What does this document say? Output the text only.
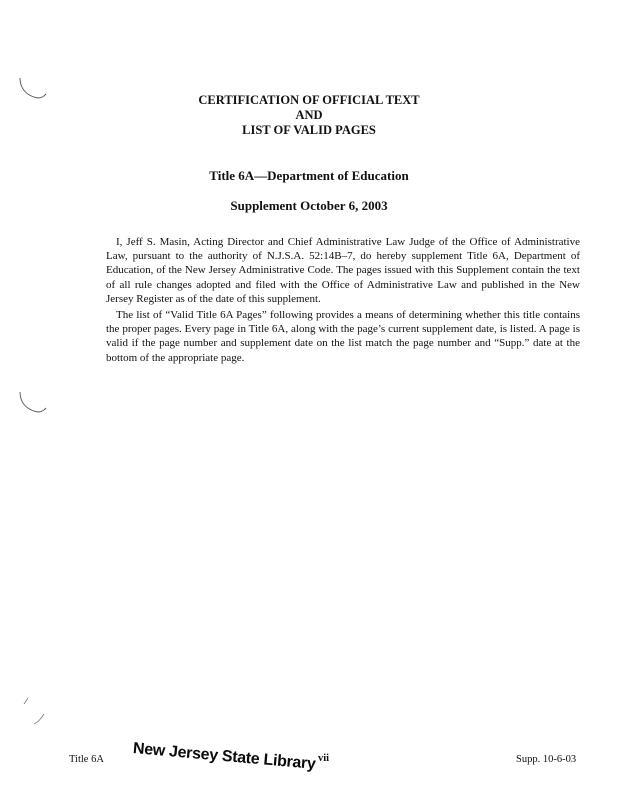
CERTIFICATION OF OFFICIAL TEXT
AND
LIST OF VALID PAGES
Title 6A—Department of Education
Supplement October 6, 2003

I, Jeff S. Masin, Acting Director and Chief Administrative Law Judge of the Office of Administrative Law, pursuant to the authority of N.J.S.A. 52:14B–7, do hereby supplement Title 6A, Department of Education, of the New Jersey Administrative Code. The pages issued with this Supplement contain the text of all rule changes adopted and filed with the Office of Administrative Law and published in the New Jersey Register as of the date of this supplement.

The list of “Valid Title 6A Pages” following provides a means of determining whether this title contains the proper pages. Every page in Title 6A, along with the page’s current supplement date, is listed. A page is valid if the page number and supplement date on the list match the page number and “Supp.” date at the bottom of the appropriate page.

New Jersey State Library
Title 6A	vii	Supp. 10-6-03
